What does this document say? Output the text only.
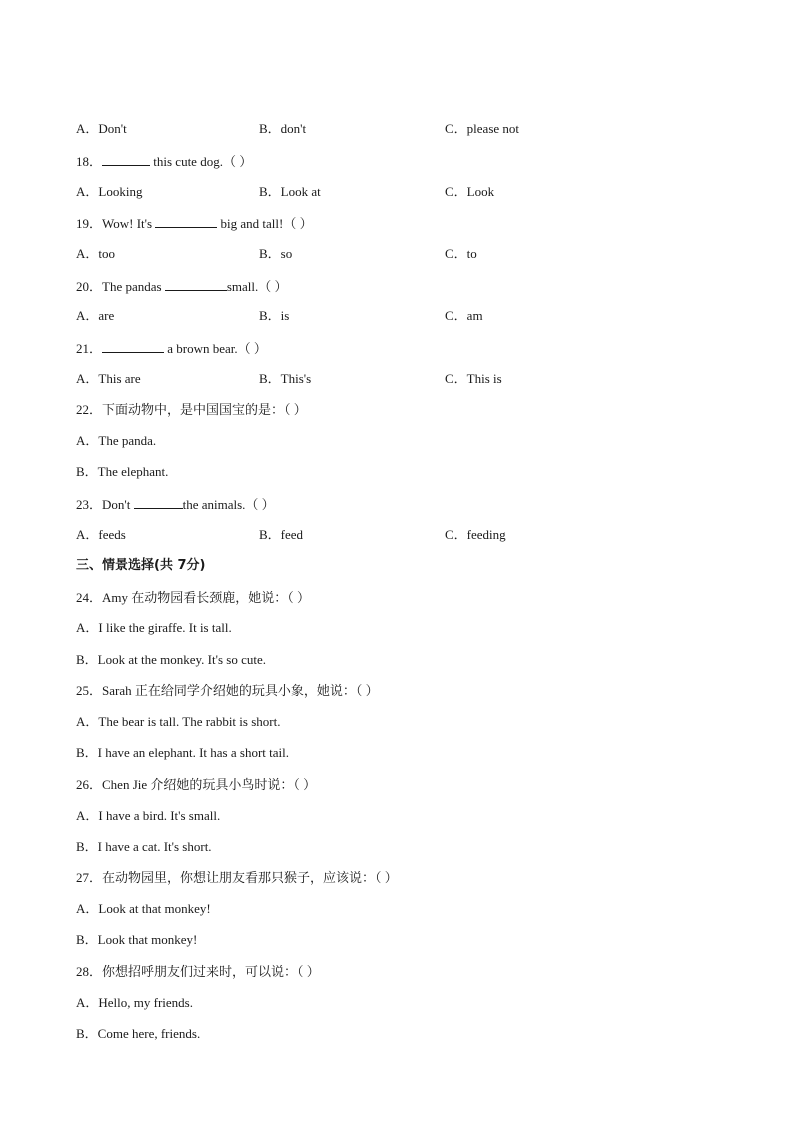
A．Don't	B．don't	C．please not
18．	this cute dog.（ ）
A．Looking	B．Look at	C．Look
19．Wow! It's	big and tall!（ ）
A．too	B．so	C．to
20．The pandas	small.（ ）
A．are	B．is	C．am
21．	a brown bear.（ ）
A．This are	B．This's	C．This is
22．下面动物中，是中国国宝的是：（ ）
A．The panda.
B．The elephant.
23．Don't	the animals.（ ）
A．feeds	B．feed	C．feeding
三、情景选择(共 7分)
24．Amy 在动物园看长颈鹿，她说：（ ）
A．I like the giraffe. It is tall.
B．Look at the monkey. It's so cute.
25．Sarah 正在给同学介绍她的玩具小象，她说：（ ）
A．The bear is tall. The rabbit is short.
B．I have an elephant. It has a short tail.
26．Chen Jie 介绍她的玩具小鸟时说：（ ）
A．I have a bird. It's small.
B．I have a cat. It's short.
27．在动物园里，你想让朋友看那只猴子，应该说：（ ）
A．Look at that monkey!
B．Look that monkey!
28．你想招呼朋友们过来时，可以说：（ ）
A．Hello, my friends.
B．Come here, friends.
